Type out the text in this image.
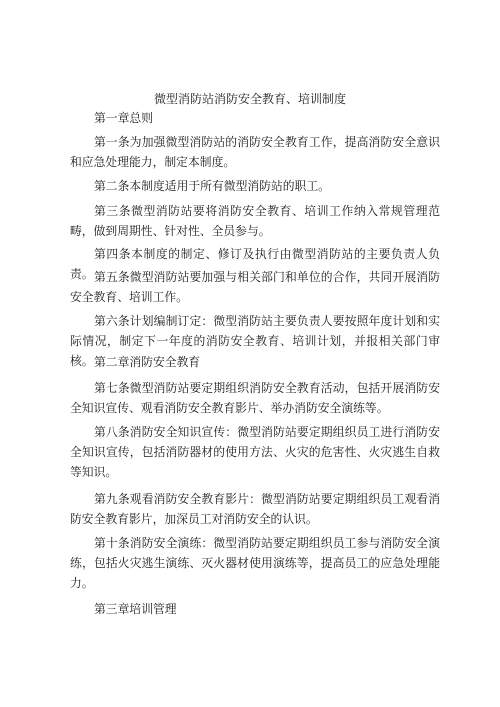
微型消防站消防安全教育、培训制度
第一章总则

第一条为加强微型消防站的消防安全教育工作，提高消防安全意识和应急处理能力，制定本制度。

第二条本制度适用于所有微型消防站的职工。

第三条微型消防站要将消防安全教育、培训工作纳入常规管理范畴，做到周期性、针对性、全员参与。

第四条本制度的制定、修订及执行由微型消防站的主要负责人负责。 第五条微型消防站要加强与相关部门和单位的合作，共同开展消防安全教育、培训工作。

第六条计划编制订定：微型消防站主要负责人要按照年度计划和实际情况，制定下一年度的消防安全教育、培训计划，并报相关部门审核。 第二章消防安全教育

第七条微型消防站要定期组织消防安全教育活动，包括开展消防安全知识宣传、观看消防安全教育影片、举办消防安全演练等。

第八条消防安全知识宣传：微型消防站要定期组织员工进行消防安全知识宣传，包括消防器材的使用方法、火灾的危害性、火灾逃生自救等知识。

第九条观看消防安全教育影片：微型消防站要定期组织员工观看消防安全教育影片，加深员工对消防安全的认识。

第十条消防安全演练：微型消防站要定期组织员工参与消防安全演练，包括火灾逃生演练、灭火器材使用演练等，提高员工的应急处理能力。

第三章培训管理
